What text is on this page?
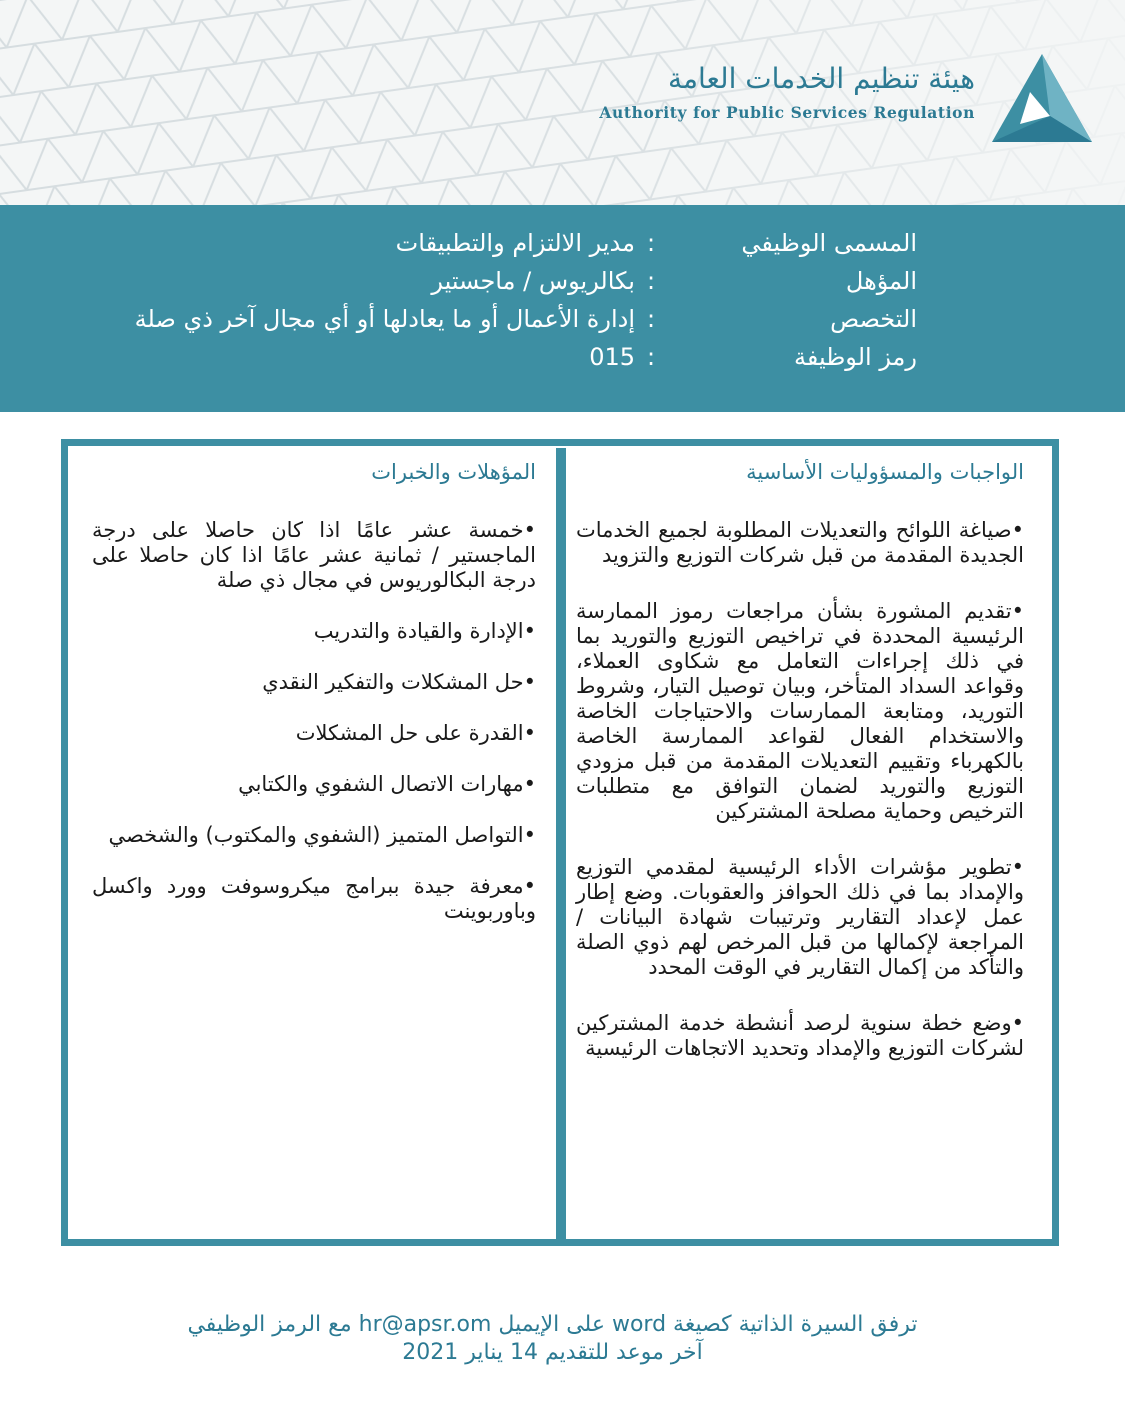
هيئة تنظيم الخدمات العامة
Authority for Public Services Regulation
المسمى الوظيفي
:
مدير الالتزام والتطبيقات
المؤهل
:
بكالريوس / ماجستير
التخصص
:
إدارة الأعمال أو ما يعادلها أو أي مجال آخر ذي صلة
رمز الوظيفة
:
015
الواجبات والمسؤوليات الأساسية
•صياغة اللوائح والتعديلات المطلوبة لجميع الخدمات الجديدة المقدمة من قبل شركات التوزيع والتزويد
•تقديم المشورة بشأن مراجعات رموز الممارسة الرئيسية المحددة في تراخيص التوزيع والتوريد بما في ذلك إجراءات التعامل مع شكاوى العملاء، وقواعد السداد المتأخر، وبيان توصيل التيار، وشروط التوريد، ومتابعة الممارسات والاحتياجات الخاصة والاستخدام الفعال لقواعد الممارسة الخاصة بالكهرباء وتقييم التعديلات المقدمة من قبل مزودي التوزيع والتوريد لضمان التوافق مع متطلبات الترخيص وحماية مصلحة المشتركين
•تطوير مؤشرات الأداء الرئيسية لمقدمي التوزيع والإمداد بما في ذلك الحوافز والعقوبات. وضع إطار عمل لإعداد التقارير وترتيبات شهادة البيانات / المراجعة لإكمالها من قبل المرخص لهم ذوي الصلة والتأكد من إكمال التقارير في الوقت المحدد
•وضع خطة سنوية لرصد أنشطة خدمة المشتركين لشركات التوزيع والإمداد وتحديد الاتجاهات الرئيسية
المؤهلات والخبرات
•خمسة عشر عامًا اذا كان حاصلا على درجة الماجستير / ثمانية عشر عامًا اذا كان حاصلا على درجة البكالوريوس في مجال ذي صلة
•الإدارة والقيادة والتدريب
•حل المشكلات والتفكير النقدي
•القدرة على حل المشكلات
•مهارات الاتصال الشفوي والكتابي
•التواصل المتميز (الشفوي والمكتوب) والشخصي
•معرفة جيدة ببرامج ميكروسوفت وورد واكسل وباوربوينت
ترفق السيرة الذاتية كصيغة word على الإيميل hr@apsr.om مع الرمز الوظيفي
آخر موعد للتقديم 14 يناير 2021
